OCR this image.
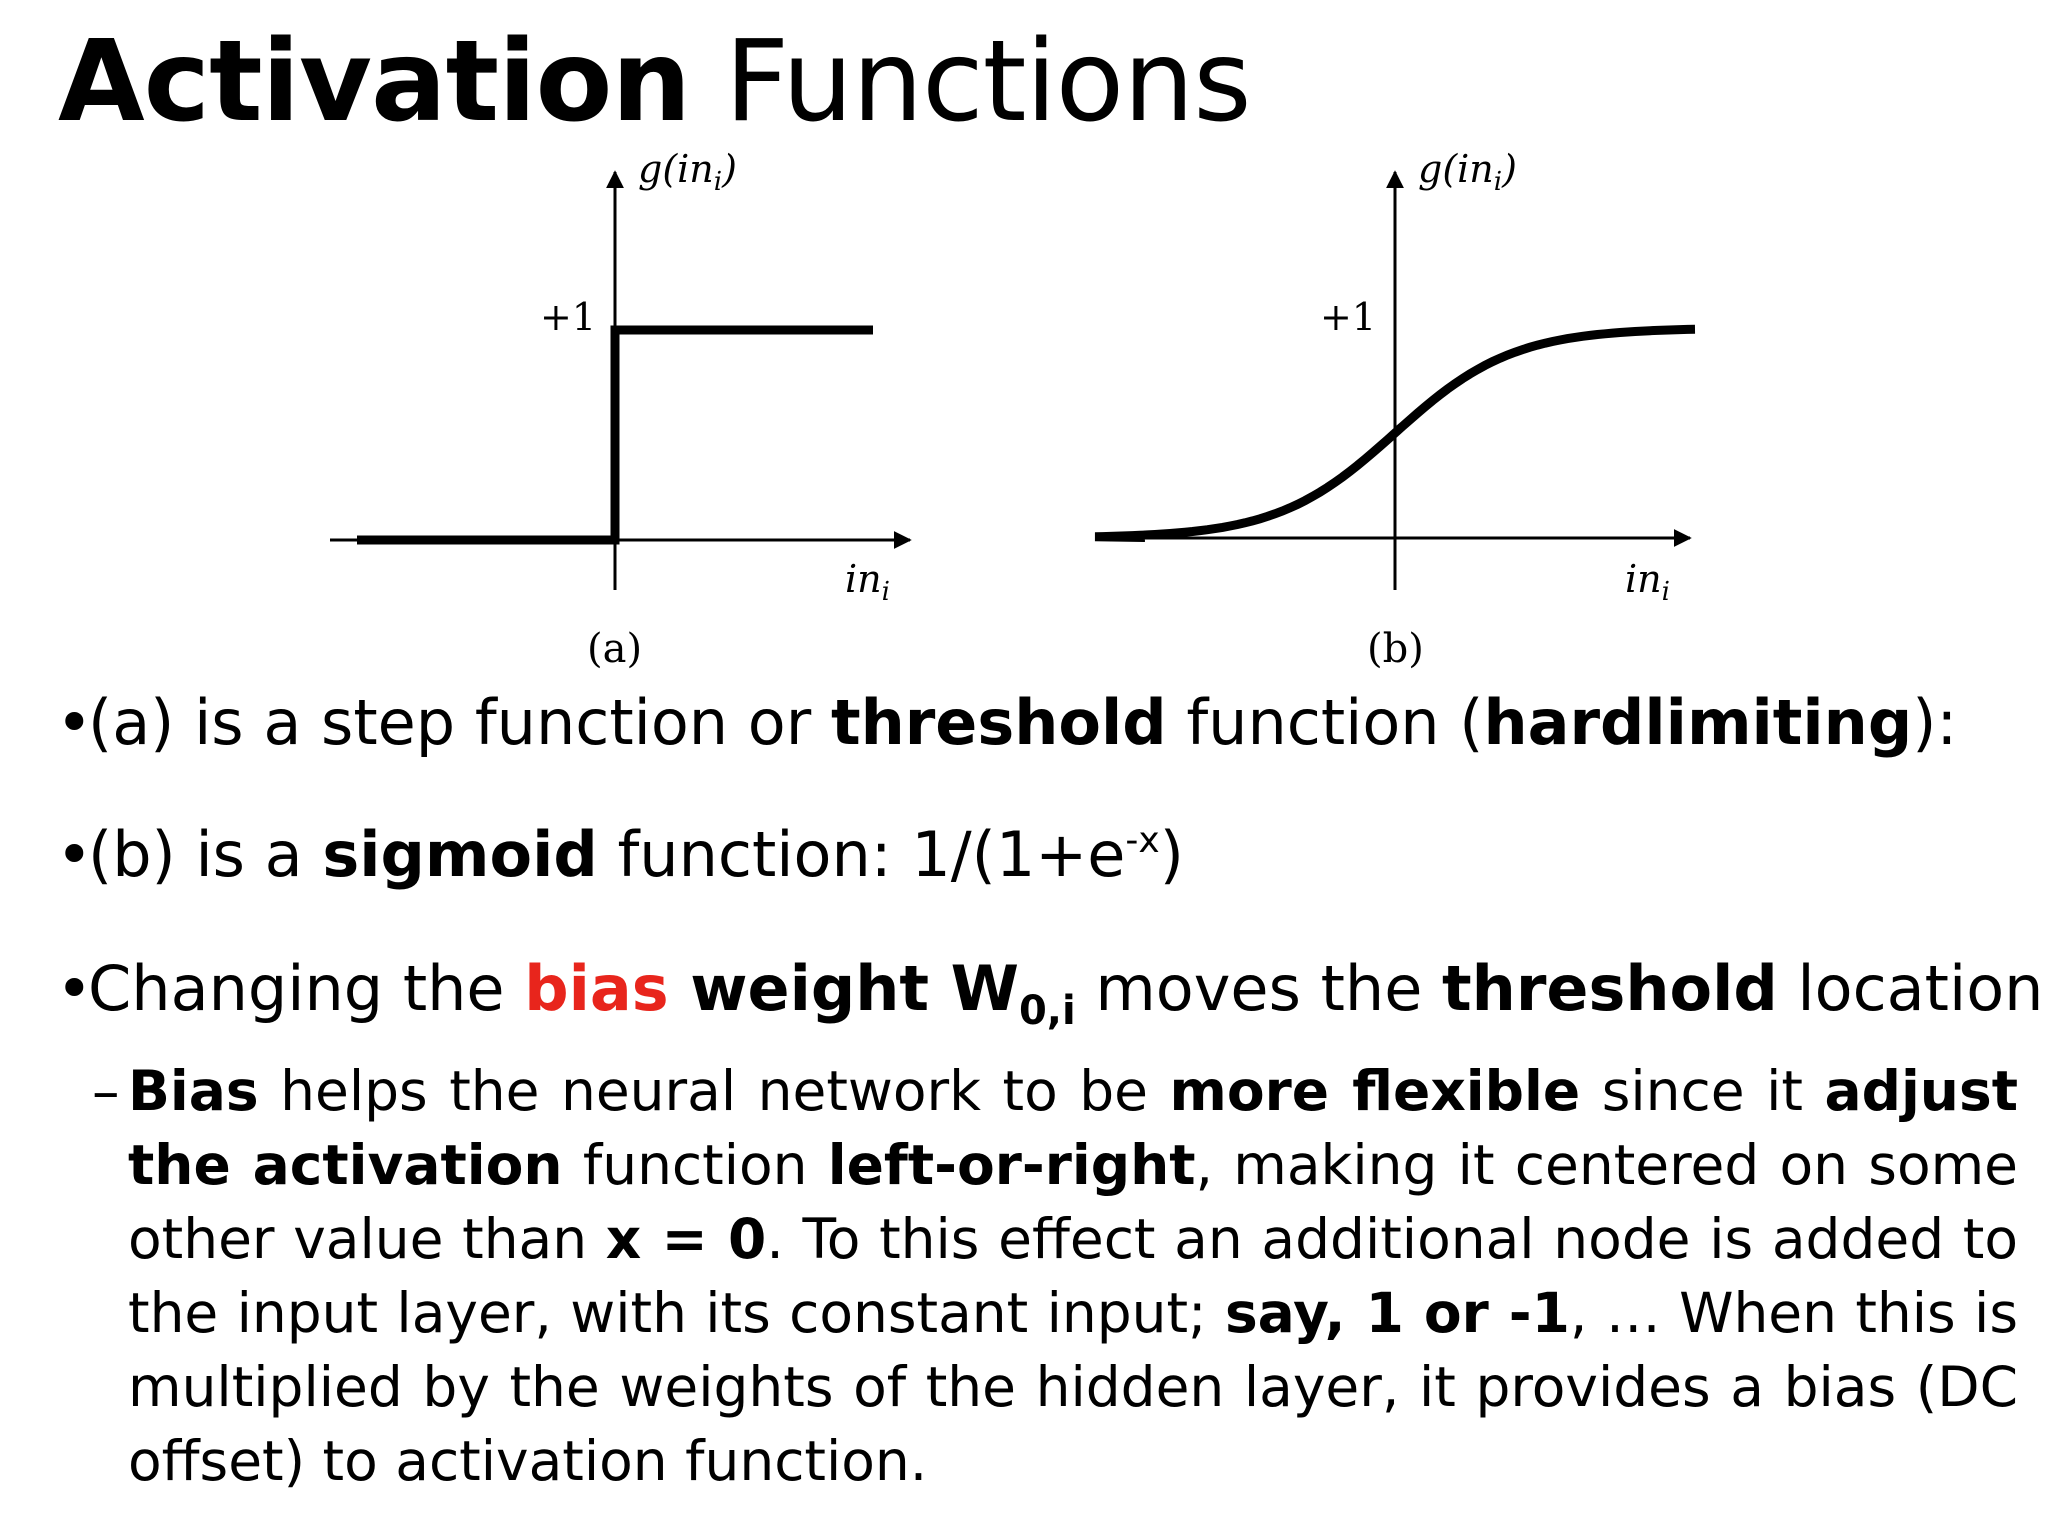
Activation Functions
$g(in_i)$
+1
$in_i$
(a)
$g(in_i)$
+1
$in_i$
(b)

•(a) is a step function or threshold function (hardlimiting):

•(b) is a sigmoid function: $1/(1+e^{-x})$

•Changing the bias weight $W_{0,i}$ moves the threshold location

– Bias helps the neural network to be more flexible since it adjust the activation function left-or-right, making it centered on some other value than x = 0. To this effect an additional node is added to the input layer, with its constant input; say, 1 or -1, … When this is multiplied by the weights of the hidden layer, it provides a bias (DC offset) to activation function.
